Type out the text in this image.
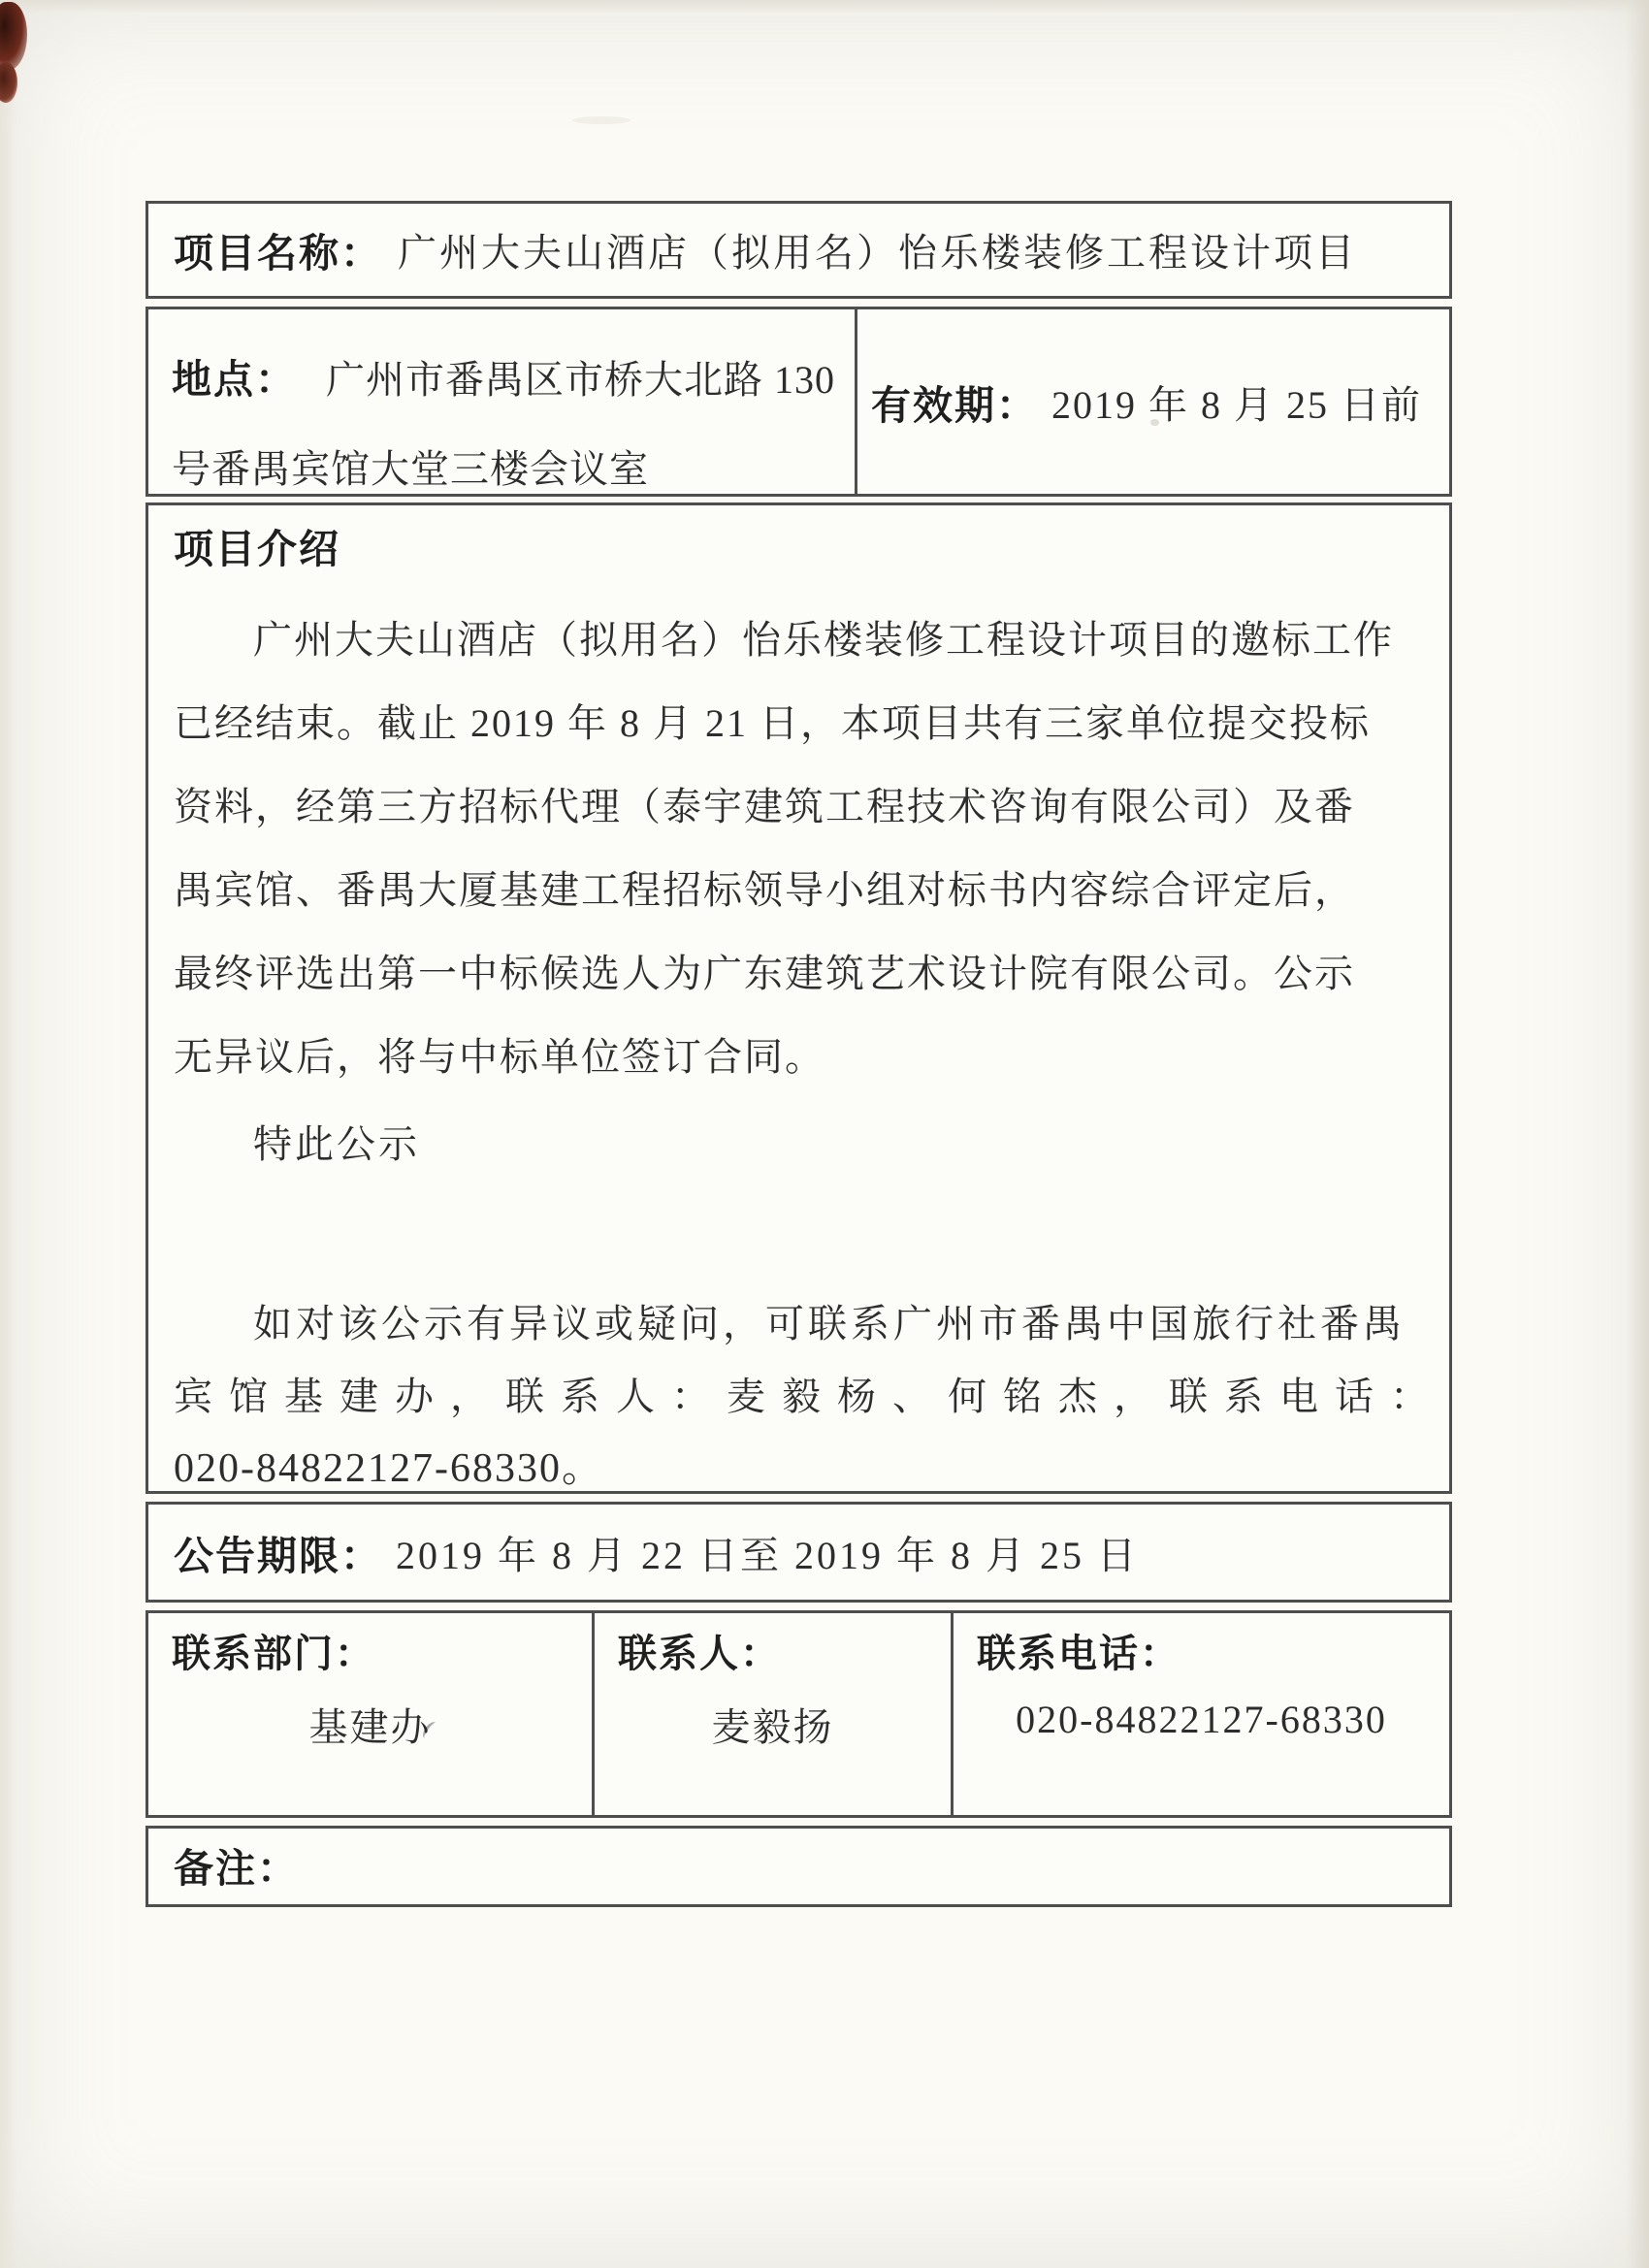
项目名称： 广州大夫山酒店（拟用名）怡乐楼装修工程设计项目
地点： 广州市番禺区市桥大北路 130
号番禺宾馆大堂三楼会议室
有效期： 2019 年 8 月 25 日前
项目介绍
广州大夫山酒店（拟用名）怡乐楼装修工程设计项目的邀标工作
已经结束。截止 2019 年 8 月 21 日，本项目共有三家单位提交投标
资料，经第三方招标代理（泰宇建筑工程技术咨询有限公司）及番
禺宾馆、番禺大厦基建工程招标领导小组对标书内容综合评定后，
最终评选出第一中标候选人为广东建筑艺术设计院有限公司。公示
无异议后，将与中标单位签订合同。
特此公示
如对该公示有异议或疑问，可联系广州市番禺中国旅行社番禺
宾馆基建办，联系人：麦毅杨、何铭杰，联系电话：
020-84822127-68330。
公告期限： 2019 年 8 月 22 日至 2019 年 8 月 25 日
联系部门：
基建办
联系人：
麦毅扬
联系电话：
020-84822127-68330
备注：
